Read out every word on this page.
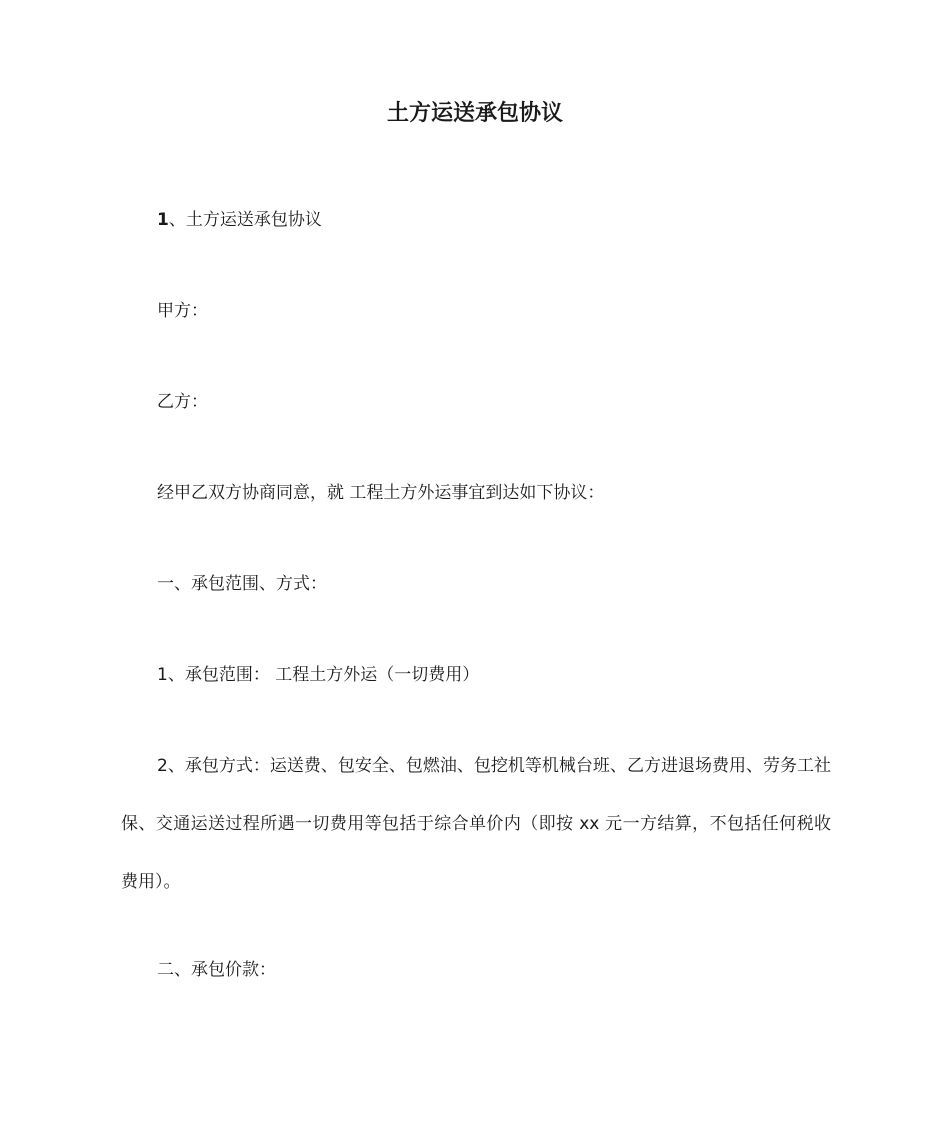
土方运送承包协议
1、土方运送承包协议
甲方：
乙方：
经甲乙双方协商同意，就 工程土方外运事宜到达如下协议：
一、承包范围、方式：
1、承包范围： 工程土方外运（一切费用）
2、承包方式：运送费、包安全、包燃油、包挖机等机械台班、乙方进退场费用、劳务工社保、交通运送过程所遇一切费用等包括于综合单价内（即按 xx 元一方结算，不包括任何税收费用）。
二、承包价款：
